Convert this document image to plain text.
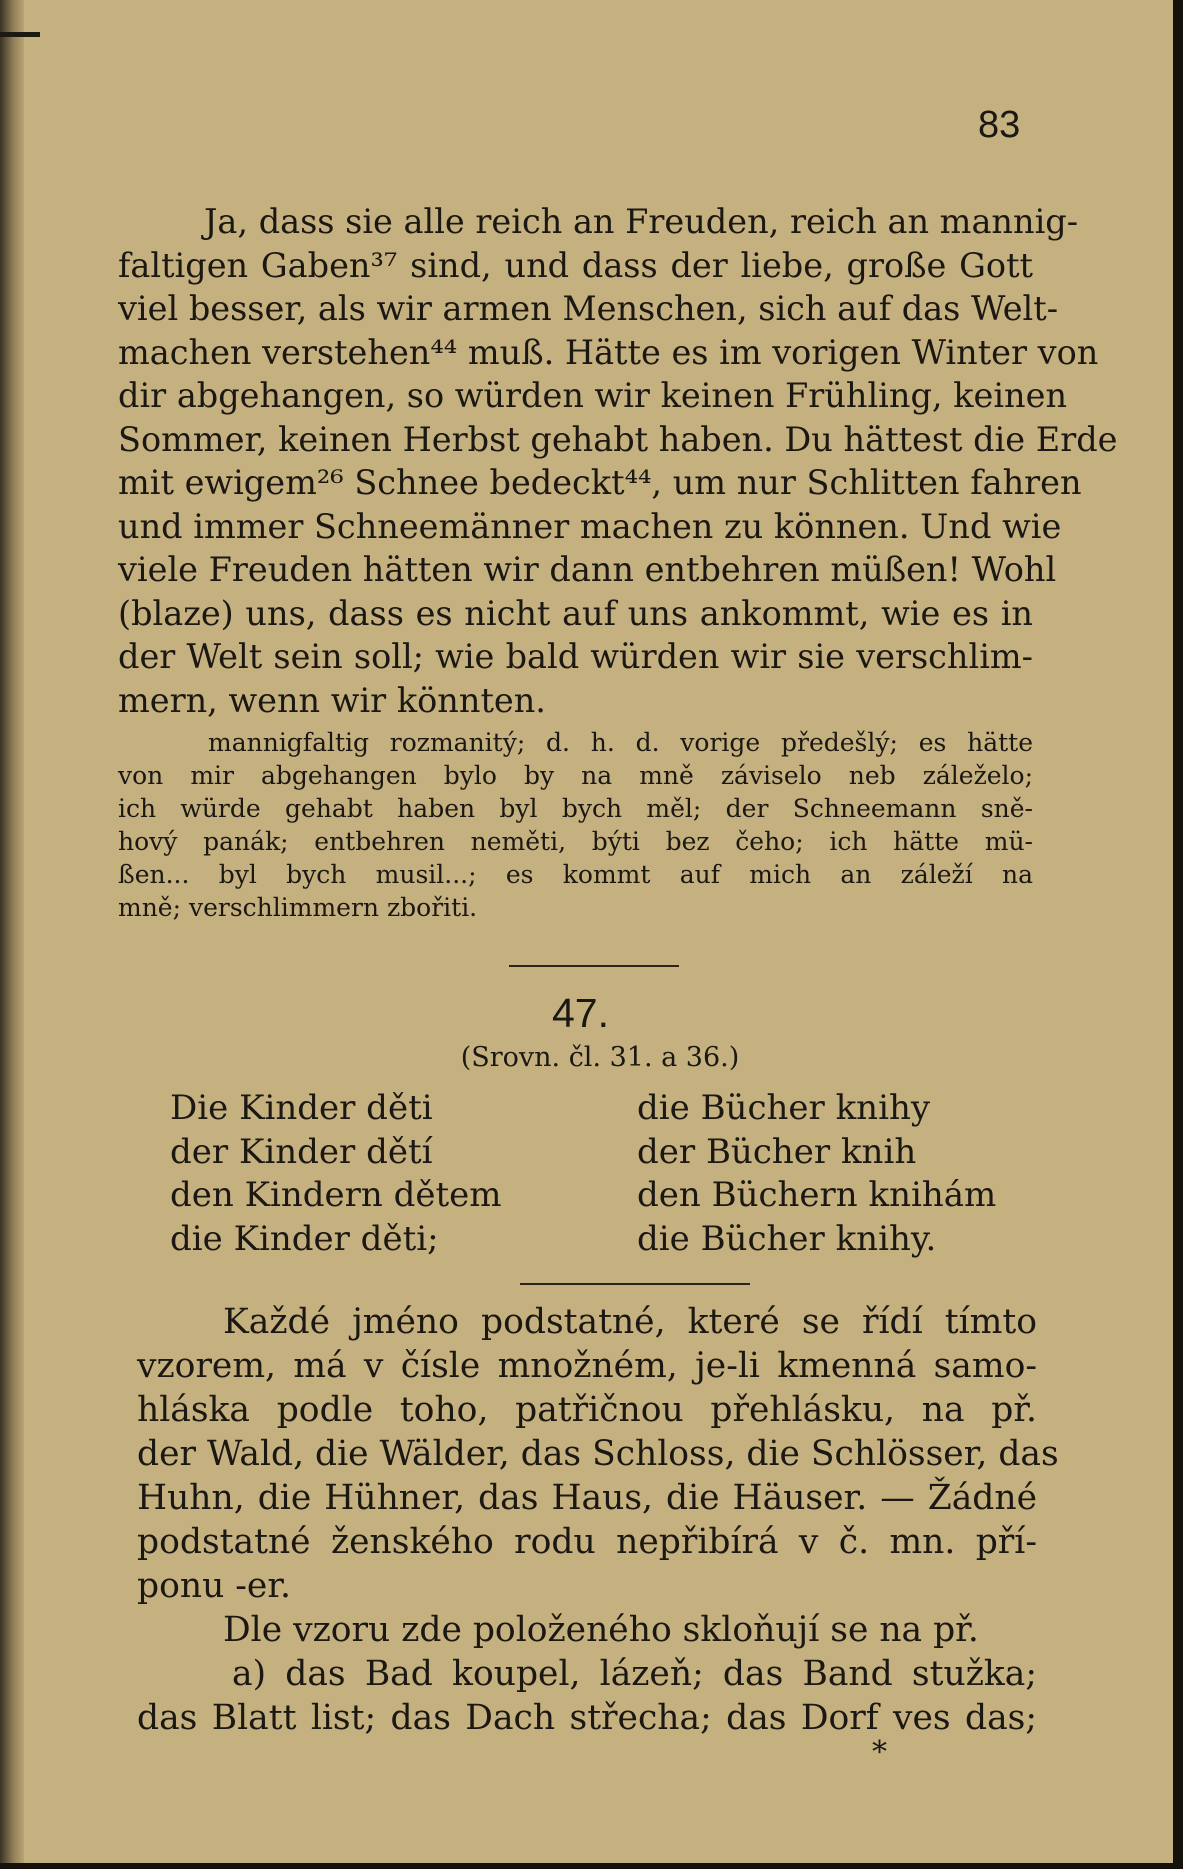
83
Ja, dass sie alle reich an Freuden, reich an mannig-
faltigen Gaben³⁷ sind, und dass der liebe, große Gott
viel besser, als wir armen Menschen, sich auf das Welt-
machen verstehen⁴⁴ muß. Hätte es im vorigen Winter von
dir abgehangen, so würden wir keinen Frühling, keinen
Sommer, keinen Herbst gehabt haben. Du hättest die Erde
mit ewigem²⁶ Schnee bedeckt⁴⁴, um nur Schlitten fahren
und immer Schneemänner machen zu können. Und wie
viele Freuden hätten wir dann entbehren müßen! Wohl
(blaze) uns, dass es nicht auf uns ankommt, wie es in
der Welt sein soll; wie bald würden wir sie verschlim-
mern, wenn wir könnten.
mannigfaltig rozmanitý; d. h. d. vorige předešlý; es hätte
von mir abgehangen bylo by na mně záviselo neb záleželo;
ich würde gehabt haben byl bych měl; der Schneemann sně-
hový panák; entbehren neměti, býti bez čeho; ich hätte mü-
ßen... byl bych musil...; es kommt auf mich an záleží na
mně; verschlimmern zbořiti.
47.
(Srovn. čl. 31. a 36.)
Die Kinder děti
der Kinder dětí
den Kindern dětem
die Kinder děti;
die Bücher knihy
der Bücher knih
den Büchern knihám
die Bücher knihy.
Každé jméno podstatné, které se řídí tímto
vzorem, má v čísle množném, je-li kmenná samo-
hláska podle toho, patřičnou přehlásku, na př.
der Wald, die Wälder, das Schloss, die Schlösser, das
Huhn, die Hühner, das Haus, die Häuser. — Žádné
podstatné ženského rodu nepřibírá v č. mn. pří-
ponu -er.
Dle vzoru zde položeného skloňují se na př.
a) das Bad koupel, lázeň; das Band stužka;
das Blatt list; das Dach střecha; das Dorf ves das;
*
